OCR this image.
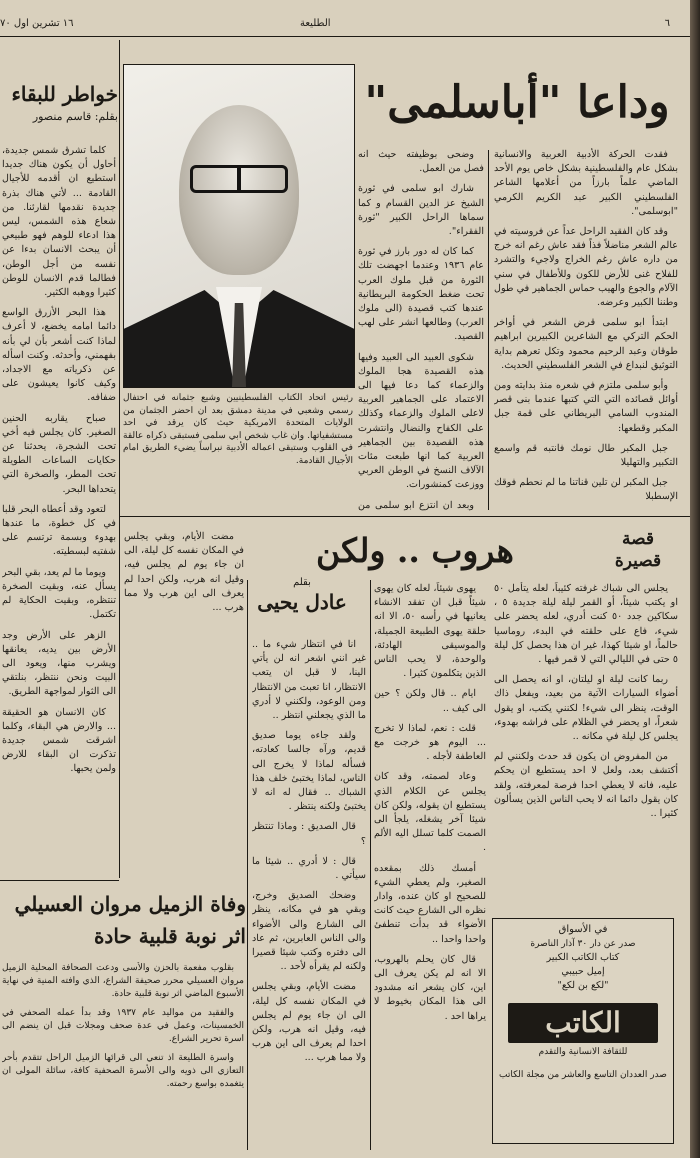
٦
الطليعة
١٦ تشرين اول ٧٠
وداعا "أباسلمى"
رئيس اتحاد الكتاب الفلسطينيين وشيع جثمانه في احتفال رسمي وشعبي في مدينة دمشق بعد ان احضر الجثمان من الولايات المتحدة الامريكية حيث كان يرقد في احد مستشفياتها. وان غاب شخص ابي سلمى فستبقى ذكراه عالقة في القلوب وستبقى اعماله الأدبية نبراساً يضيء الطريق امام الأجيال القادمة.

فقدت الحركة الأدبية العربية والانسانية بشكل عام والفلسطينية بشكل خاص يوم الأحد الماضي علماً بارزاً من أعلامها الشاعر الفلسطيني الكبير عبد الكريم الكرمي "ابوسلمى".

وقد كان الفقيد الراحل عداً عن فروسيته في عالم الشعر مناضلاً فذاً فقد عاش رغم انه خرج من داره عاش رغم الخراج ولاجيء والتشرد للفلاح غنى للأرض للكون وللأطفال في سني الآلام والجوع والهيب حماس الجماهير في طول وطننا الكبير وعرضه.

ابتدأ ابو سلمى قرض الشعر في أواخر الحكم التركي مع الشاعرين الكبيرين ابراهيم طوقان وعبد الرحيم محمود وتكل تعرهم بداية التوثيق لنبداع في الشعر الفلسطيني الحديث.

وأبو سلمى ملتزم في شعره منذ بدايته ومن أوائل قصائده التي التي كتبها عندما بنى قصر المندوب السامي البريطاني على قمة جبل المكبر وقطعها:

جبل المكبر طال نومك فانتبه قم واسمع التكبير والتهليلا

جبل المكبر لن تلين قناتنا ما لم نحطم فوقك الإسطبلا

وضحى بوظيفته حيث انه فصل من العمل.

شارك ابو سلمى في ثورة الشيخ عز الدين القسام و كما سماها الراحل الكبير "ثورة الفقراء".

كما كان له دور بارز في ثورة عام ١٩٣٦ وعندما اجهضت تلك الثورة من قبل ملوك العرب تحت ضغط الحكومة البريطانية عندها كتب قصيدة (الى ملوك العرب) وطالعها انشر على لهب القصيد.

شكوى العبيد الى العبيد وفيها هذه القصيدة هجا الملوك والزعماء كما دعا فيها الى الاعتماد على الجماهير العربية لاعلى الملوك والزعماء وكذلك على الكفاح والنضال وانتشرت هذه القصيدة بين الجماهير العربية كما انها طبعت مئات الآلاف النسخ في الوطن العربي ووزعت كمنشورات.

وبعد ان انتزع ابو سلمى من

خواطر للبقاء
بقلم: قاسم منصور

كلما تشرق شمس جديدة، أحاول أن يكون هناك جديدا استطيع ان أقدمه للأجيال القادمة ... لأتي هناك بذرة جديدة نقدمها لقارئنا. من شعاع هذه الشمس، ليس هذا ادعاء للوهم فهو طبيعي أن يبحث الانسان بدءا عن نفسه من أجل الوطن، فطالما قدم الانسان للوطن كثيرا ووهبه الكثير.

هذا البحر الأزرق الواسع دائما امامه يخضع، لا أعرف لماذا كنت أشعر بأن لي بأنه بفهمني، وأحدثه. وكنت اسأله عن ذكرياته مع الاجداد، وكيف كانوا يعيشون على ضفافه.

صباح يقاربه الحنين الصغير. كان يجلس فيه أخي تحت الشجرة، يحدثنا عن حكايات الساعات الطويلة تحت المطر، والصخرة التي يتحداها البحر.

لتعود وقد أعطاه البحر قلبا في كل خطوة، ما عندها بهدوء وبسمة ترتسم على شفتيه لبسطيته.

ويوما ما لم يعد، بقي البحر يسأل عنه، وبقيت الصخرة تنتظره، وبقيت الحكاية لم تكتمل.

الزهر على الأرض وجد الأرض بين يديه، يعانقها ويشرب منها، ويعود الى البيت ونحن ننتظر، بنلتقي الى الثوار لمواجهة الطريق.

كان الانسان هو الحقيقة ... والارض هي البقاء، وكلما اشرقت شمس جديدة تذكرت ان البقاء للارض ولمن يحبها.

قصة قصيرة
هروب .. ولكن
بقلم
عادل يحيى

يجلس الى شباك غرفته كئيباً، لعله يتأمل ٥٠ او يكتب شيئاً، أو القمر ليلة ليلة جديدة ٥ ، سكاكين جدد ٥٠ كنت أدري، لعله يحضر على شيء، فاع على حلقته في البدء، روماسيا حالماً، او شيئا كهذا، غير ان هذا يحصل كل ليلة ٥ حتى في الليالي التي لا قمر فيها .

ربما كانت ليلة او ليلتان، او انه يحصل الى أضواء السيارات الآتية من بعيد، ويفعل ذاك الوقت، ينظر الى شيء! لكنني يكتب، او يقول شعراً، او يحضر في الظلام على فراشه بهدوء، يجلس كل ليلة في مكانه ..

من المفروض ان يكون قد حدث ولكنني لم أكتشف بعد، ولعل لا احد يستطيع ان يحكم عليه، فانه لا يعطي احدا فرصة لمعرفته، ولقد كان يقول دائما انه لا يحب الناس الذين يسألون كثيرا ..

يهوى شيئاً، لعله كان يهوى شيئاً قبل ان تفقد الانشاء يعانيها في رأسه ٥٠، الا انه حلقة يهوى الطبيعة الجميلة، والموسيقى الهادئة، والوحدة، لا يحب الناس الذين يتكلمون كثيرا .

ايام .. قال ولكن ؟ حين الى كيف ..

قلت : نعم، لماذا لا تخرج ... اليوم هو خرجت مع العاطفة لأجله .

وعاد لصمته، وقد كان يجلس عن الكلام الذي يستطيع ان يقوله، ولكن كان شيئا آخر يشغله، يلجأ الى الصمت كلما تسلل اليه الألم .

أمسك ذلك بمقعده الصغير، ولم يعطي الشيء للصحيح او كان عنده، وادار نظره الى الشارع حيث كانت الأضواء قد بدأت تنطفئ واحدا واحدا ..

قال كان يحلم بالهروب، الا انه لم يكن يعرف الى اين، كان يشعر انه مشدود الى هذا المكان بخيوط لا يراها احد .

انا في انتظار شيء ما .. غير انني اشعر انه لن يأتي الينا، لا قبل ان يتعب الانتظار، انا تعبت من الانتظار ومن الوعود، ولكنني لا أدري ما الذي يجعلني انتظر ..

ولقد جاءه يوما صديق قديم، ورآه جالسا كعادته، فسأله لماذا لا يخرج الى الناس، لماذا يختبئ خلف هذا الشباك .. فقال له انه لا يختبئ ولكنه ينتظر .

قال الصديق : وماذا تنتظر ؟

قال : لا أدري .. شيئا ما سيأتي .

وضحك الصديق وخرج، وبقي هو في مكانه، ينظر الى الشارع والى الأضواء والى الناس العابرين، ثم عاد الى دفتره وكتب شيئا قصيرا ولكنه لم يقرأه لأحد ..

مضت الأيام، وبقي يجلس في المكان نفسه كل ليلة، الى ان جاء يوم لم يجلس فيه، وقيل انه هرب، ولكن احدا لم يعرف الى اين هرب ولا مما هرب ...

مضت الأيام، وبقي يجلس في المكان نفسه كل ليلة، الى ان جاء يوم لم يجلس فيه، وقيل انه هرب، ولكن احدا لم يعرف الى اين هرب ولا مما هرب ...

وفاة الزميل مروان العسيلي
اثر نوبة قلبية حادة

بقلوب مفعمة بالحزن والأسى ودعت الصحافة المحلية الزميل مروان العسيلي محرر صحيفة الشراع، الذي وافته المنية في نهاية الأسبوع الماضي اثر نوبة قلبية حادة.

والفقيد من مواليد عام ١٩٣٧ وقد بدأ عمله الصحفي في الخمسينات، وعمل في عدة صحف ومجلات قبل ان ينضم الى اسرة تحرير الشراع.

واسرة الطليعة اذ تنعي الى قرائها الزميل الراحل تتقدم بأحر التعازي الى ذويه والى الأسرة الصحفية كافة، سائلة المولى ان يتغمده بواسع رحمته.

في الأسواق
صدر عن دار ٣٠ آذار الناصرة
كتاب الكاتب الكبير
إميل حبيبي
"لكع بن لكع"
الكاتب
للثقافة الانسانية والتقدم
صدر العددان التاسع والعاشر من مجلة الكاتب
